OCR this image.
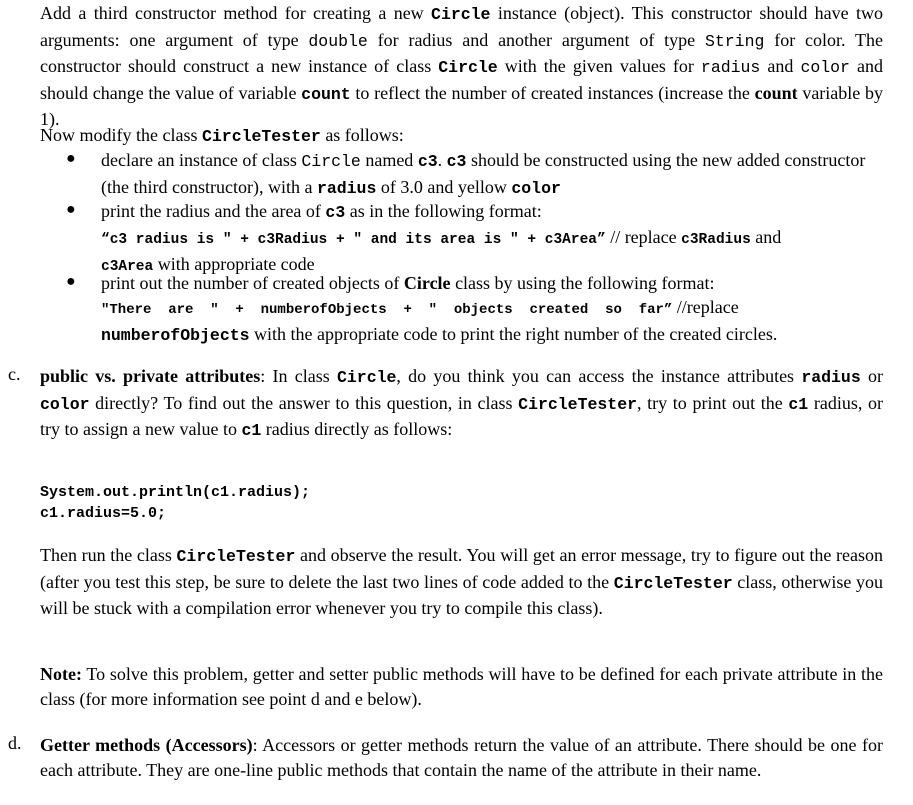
Add a third constructor method for creating a new Circle instance (object). This constructor should have two arguments: one argument of type double for radius and another argument of type String for color. The constructor should construct a new instance of class Circle with the given values for radius and color and should change the value of variable count to reflect the number of created instances (increase the count variable by 1).
Now modify the class CircleTester as follows:
● declare an instance of class Circle named c3. c3 should be constructed using the new added constructor (the third constructor), with a radius of 3.0 and yellow color
● print the radius and the area of c3 as in the following format:
“c3 radius is " + c3Radius + " and its area is " + c3Area” // replace c3Radius and
c3Area with appropriate code
● print out the number of created objects of Circle class by using the following format:
"There  are  "  +  numberofObjects  +  "  objects  created  so  far” //replace
numberofObjects with the appropriate code to print the right number of the created circles.
c. public vs. private attributes: In class Circle, do you think you can access the instance attributes radius or color directly? To find out the answer to this question, in class CircleTester, try to print out the c1 radius, or try to assign a new value to c1 radius directly as follows:
System.out.println(c1.radius);
c1.radius=5.0;
Then run the class CircleTester and observe the result. You will get an error message, try to figure out the reason (after you test this step, be sure to delete the last two lines of code added to the CircleTester class, otherwise you will be stuck with a compilation error whenever you try to compile this class).
Note: To solve this problem, getter and setter public methods will have to be defined for each private attribute in the class (for more information see point d and e below).
d. Getter methods (Accessors): Accessors or getter methods return the value of an attribute. There should be one for each attribute. They are one-line public methods that contain the name of the attribute in their name.
